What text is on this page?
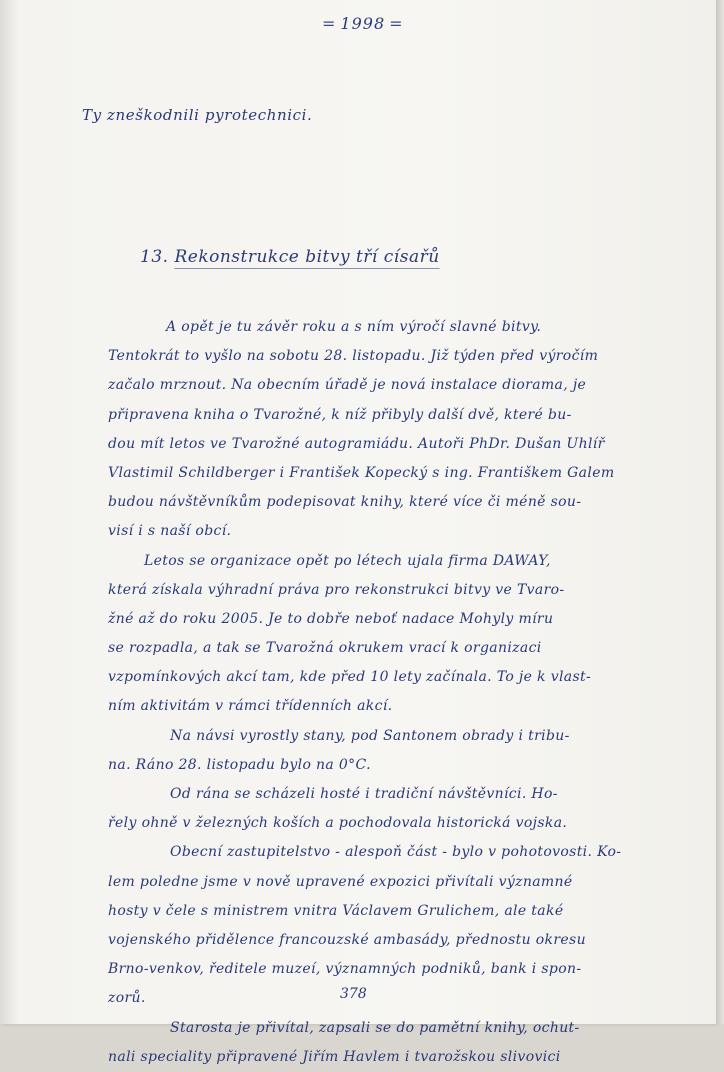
= 1998 =
Ty zneškodnili pyrotechnici.
13. Rekonstrukce bitvy tří císařů
A opět je tu závěr roku a s ním výročí slavné bitvy.
Tentokrát to vyšlo na sobotu 28. listopadu. Již týden před výročím
začalo mrznout. Na obecním úřadě je nová instalace diorama, je
připravena kniha o Tvarožné, k níž přibyly další dvě, které bu-
dou mít letos ve Tvarožné autogramiádu. Autoři PhDr. Dušan Uhlíř
Vlastimil Schildberger i František Kopecký s ing. Františkem Galem
budou návštěvníkům podepisovat knihy, které více či méně sou-
visí i s naší obcí.
Letos se organizace opět po létech ujala firma DAWAY,
která získala výhradní práva pro rekonstrukci bitvy ve Tvaro-
žné až do roku 2005. Je to dobře neboť nadace Mohyly míru
se rozpadla, a tak se Tvarožná okrukem vrací k organizaci
vzpomínkových akcí tam, kde před 10 lety začínala. To je k vlast-
ním aktivitám v rámci třídenních akcí.
Na návsi vyrostly stany, pod Santonem obrady i tribu-
na. Ráno 28. listopadu bylo na 0°C.
Od rána se scházeli hosté i tradiční návštěvníci. Ho-
řely ohně v železných koších a pochodovala historická vojska.
Obecní zastupitelstvo - alespoň část - bylo v pohotovosti. Ko-
lem poledne jsme v nově upravené expozici přivítali významné
hosty v čele s ministrem vnitra Václavem Grulichem, ale také
vojenského přidělence francouzské ambasády, přednostu okresu
Brno-venkov, ředitele muzeí, významných podniků, bank i spon-
zorů.
Starosta je přivítal, zapsali se do pamětní knihy, ochut-
nali speciality připravené Jiřím Havlem i tvarožskou slivovici
378
